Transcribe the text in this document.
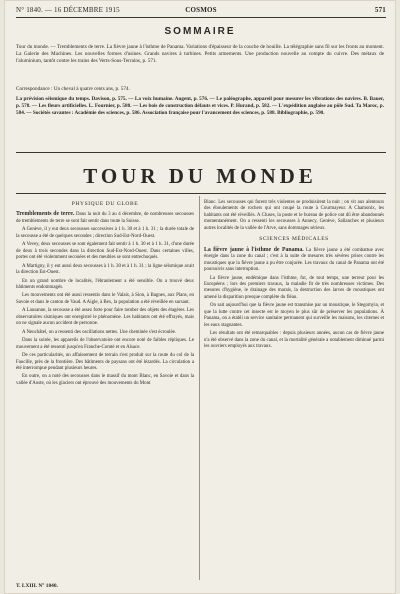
N° 1840. — 16 DÉCEMBRE 1915	COSMOS	571
SOMMAIRE
Tour du monde. — Tremblements de terre. La fièvre jaune à l'isthme de Panama. Variations d'épaisseur de la couche de houille. La télégraphie sans fil sur les fronts au moment. La Galerie des Machines. Les nouvelles formes d'usines. Grands navires à turbines. Petits armements. Une production nouvelle au compte du cuivre. Des métaux de l'aluminium, tantôt contre les trains des Verts-Sous-Terrains, p. 571.
Correspondance : Un cheval à quatre cents ans, p. 574.
La prévision séismique du temps. Davison, p. 575. — La voix humaine. Augent, p. 576. — Le paléographe, appareil pour mesurer les vibrations des navires. B. Bauer, p. 578. — Les fleurs artificielles. L. Fournier, p. 580. — Les bois de construction défauts et vices. P. Hurand, p. 582. — L'expédition anglaise au pôle Sud. Ta Maroc, p. 584. — Sociétés savantes : Académie des sciences, p. 586. Association française pour l'avancement des sciences, p. 588. Bibliographie, p. 590.
TOUR DU MONDE
PHYSIQUE DU GLOBE

Tremblements de terre. Dans la nuit du 3 au 4 décembre, de nombreuses secousses de tremblements de terre se sont fait sentir dans toute la Suisse.

A Genève, il y eut deux secousses successives à 1 h. 30 et à 1 h. 31 ; la durée totale de la secousse a été de quelques secondes ; direction Sud-Est-Nord-Ouest.

A Vevey, deux secousses se sont également fait sentir à 1 h. 30 et à 1 h. 31, d'une durée de deux à trois secondes dans la direction Sud-Est-Nord-Ouest. Dans certaines villes, portes ont été violemment secouées et des meubles se sont entrechoqués.

A Martigny, il y eut aussi deux secousses à 1 h. 30 et à 1 h. 31 ; la ligne séismique avait la direction Est-Ouest.

En un grand nombre de localités, l'ébranlement a été sensible. On a trouvé deux bâtiments endommagés.

Les mouvements ont été aussi ressentis dans le Valais, à Sion, à Bagnes, aux Plans, en Savoie et dans le canton de Vaud. A Aigle, à Bex, la population a été réveillée en sursaut.

A Lausanne, la secousse a été assez forte pour faire tomber des objets des étagères. Les observatoires sismiques ont enregistré le phénomène. Les habitants ont été effrayés, mais on ne signale aucun accident de personne.

A Neuchâtel, on a ressenti des oscillations nettes. Une cheminée s'est écroulée.

Dans la soirée, les appareils de l'observatoire ont encore noté de faibles répliques. Le mouvement a été ressenti jusqu'en Franche-Comté et en Alsace.

De ces particularités, un affaissement de terrain s'est produit sur la route du col de la Faucille, près de la frontière. Des bâtiments de paysans ont été lézardés. La circulation a été interrompue pendant plusieurs heures.

En outre, on a noté des secousses dans le massif du mont Blanc, en Savoie et dans la vallée d'Aoste, où les glaciers ont éprouvé des mouvements du Mont

Blanc. Les secousses qui furent très violentes se produisirent la nuit ; on vit aux alentours des éboulements de rochers qui ont coupé la route à Courmayeur. A Chamonix, les habitants ont été réveillés. A Cluses, la poste et le bureau de police ont dû être abandonnés momentanément. On a ressenti les secousses à Annecy, Genève, Sallanches et plusieurs autres localités de la vallée de l'Arve, sans dommages sérieux.

SCIENCES MÉDICALES

La fièvre jaune à l'isthme de Panama. La fièvre jaune a été combattue avec énergie dans la zone du canal ; c'est à la suite de mesures très sévères prises contre les moustiques que la fièvre jaune a pu être conjurée. Les travaux du canal de Panama ont été poursuivis sans interruption.

La fièvre jaune, endémique dans l'isthme, fut, de tout temps, une terreur pour les Européens ; lors des premiers travaux, la maladie fit de très nombreuses victimes. Des mesures d'hygiène, le drainage des marais, la destruction des larves de moustiques ont amené la disparition presque complète du fléau.

On sait aujourd'hui que la fièvre jaune est transmise par un moustique, le Stegomyia, et que la lutte contre cet insecte est le moyen le plus sûr de préserver les populations. À Panama, on a établi un service sanitaire permanent qui surveille les maisons, les citernes et les eaux stagnantes.

Les résultats ont été remarquables : depuis plusieurs années, aucun cas de fièvre jaune n'a été observé dans la zone du canal, et la mortalité générale a notablement diminué parmi les ouvriers employés aux travaux.

T. LXIII. N° 1840.
